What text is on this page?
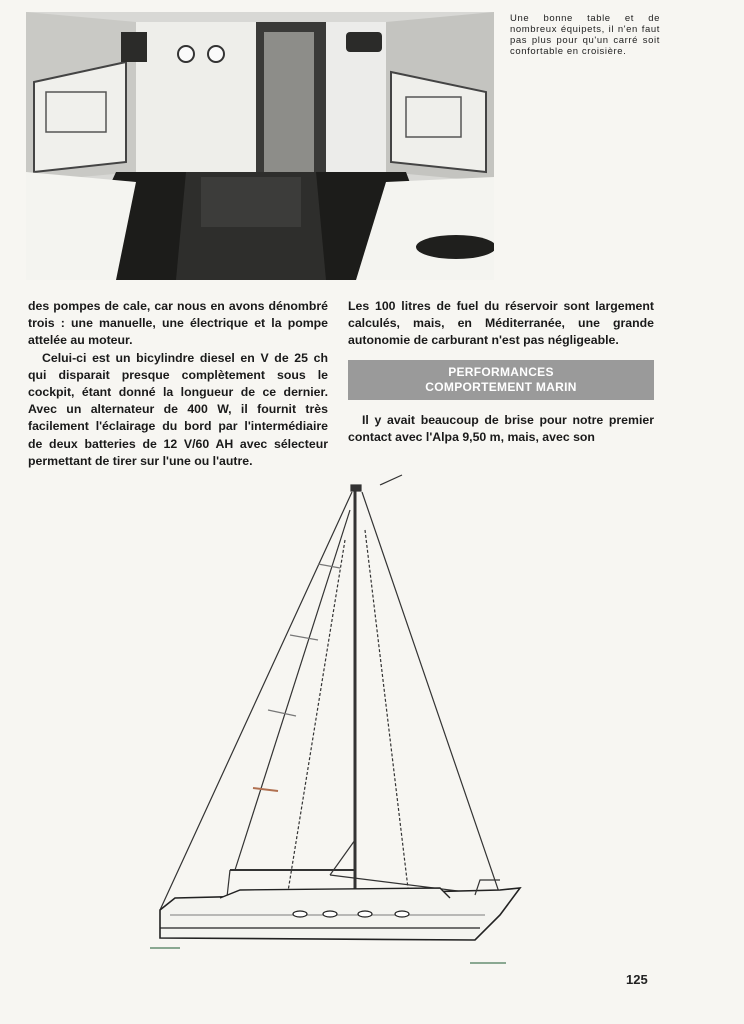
Une bonne table et de nombreux équipets, il n'en faut pas plus pour qu'un carré soit confortable en croisière.

des pompes de cale, car nous en avons dénombré trois : une manuelle, une électrique et la pompe attelée au moteur.

Celui-ci est un bicylindre diesel en V de 25 ch qui disparait presque complètement sous le cockpit, étant donné la longueur de ce dernier. Avec un alternateur de 400 W, il fournit très facilement l'éclairage du bord par l'intermédiaire de deux batteries de 12 V/60 AH avec sélecteur permettant de tirer sur l'une ou l'autre.

Les 100 litres de fuel du réservoir sont largement calculés, mais, en Méditerranée, une grande autonomie de carburant n'est pas négligeable.

PERFORMANCES
COMPORTEMENT MARIN

Il y avait beaucoup de brise pour notre premier contact avec l'Alpa 9,50 m, mais, avec son

125
